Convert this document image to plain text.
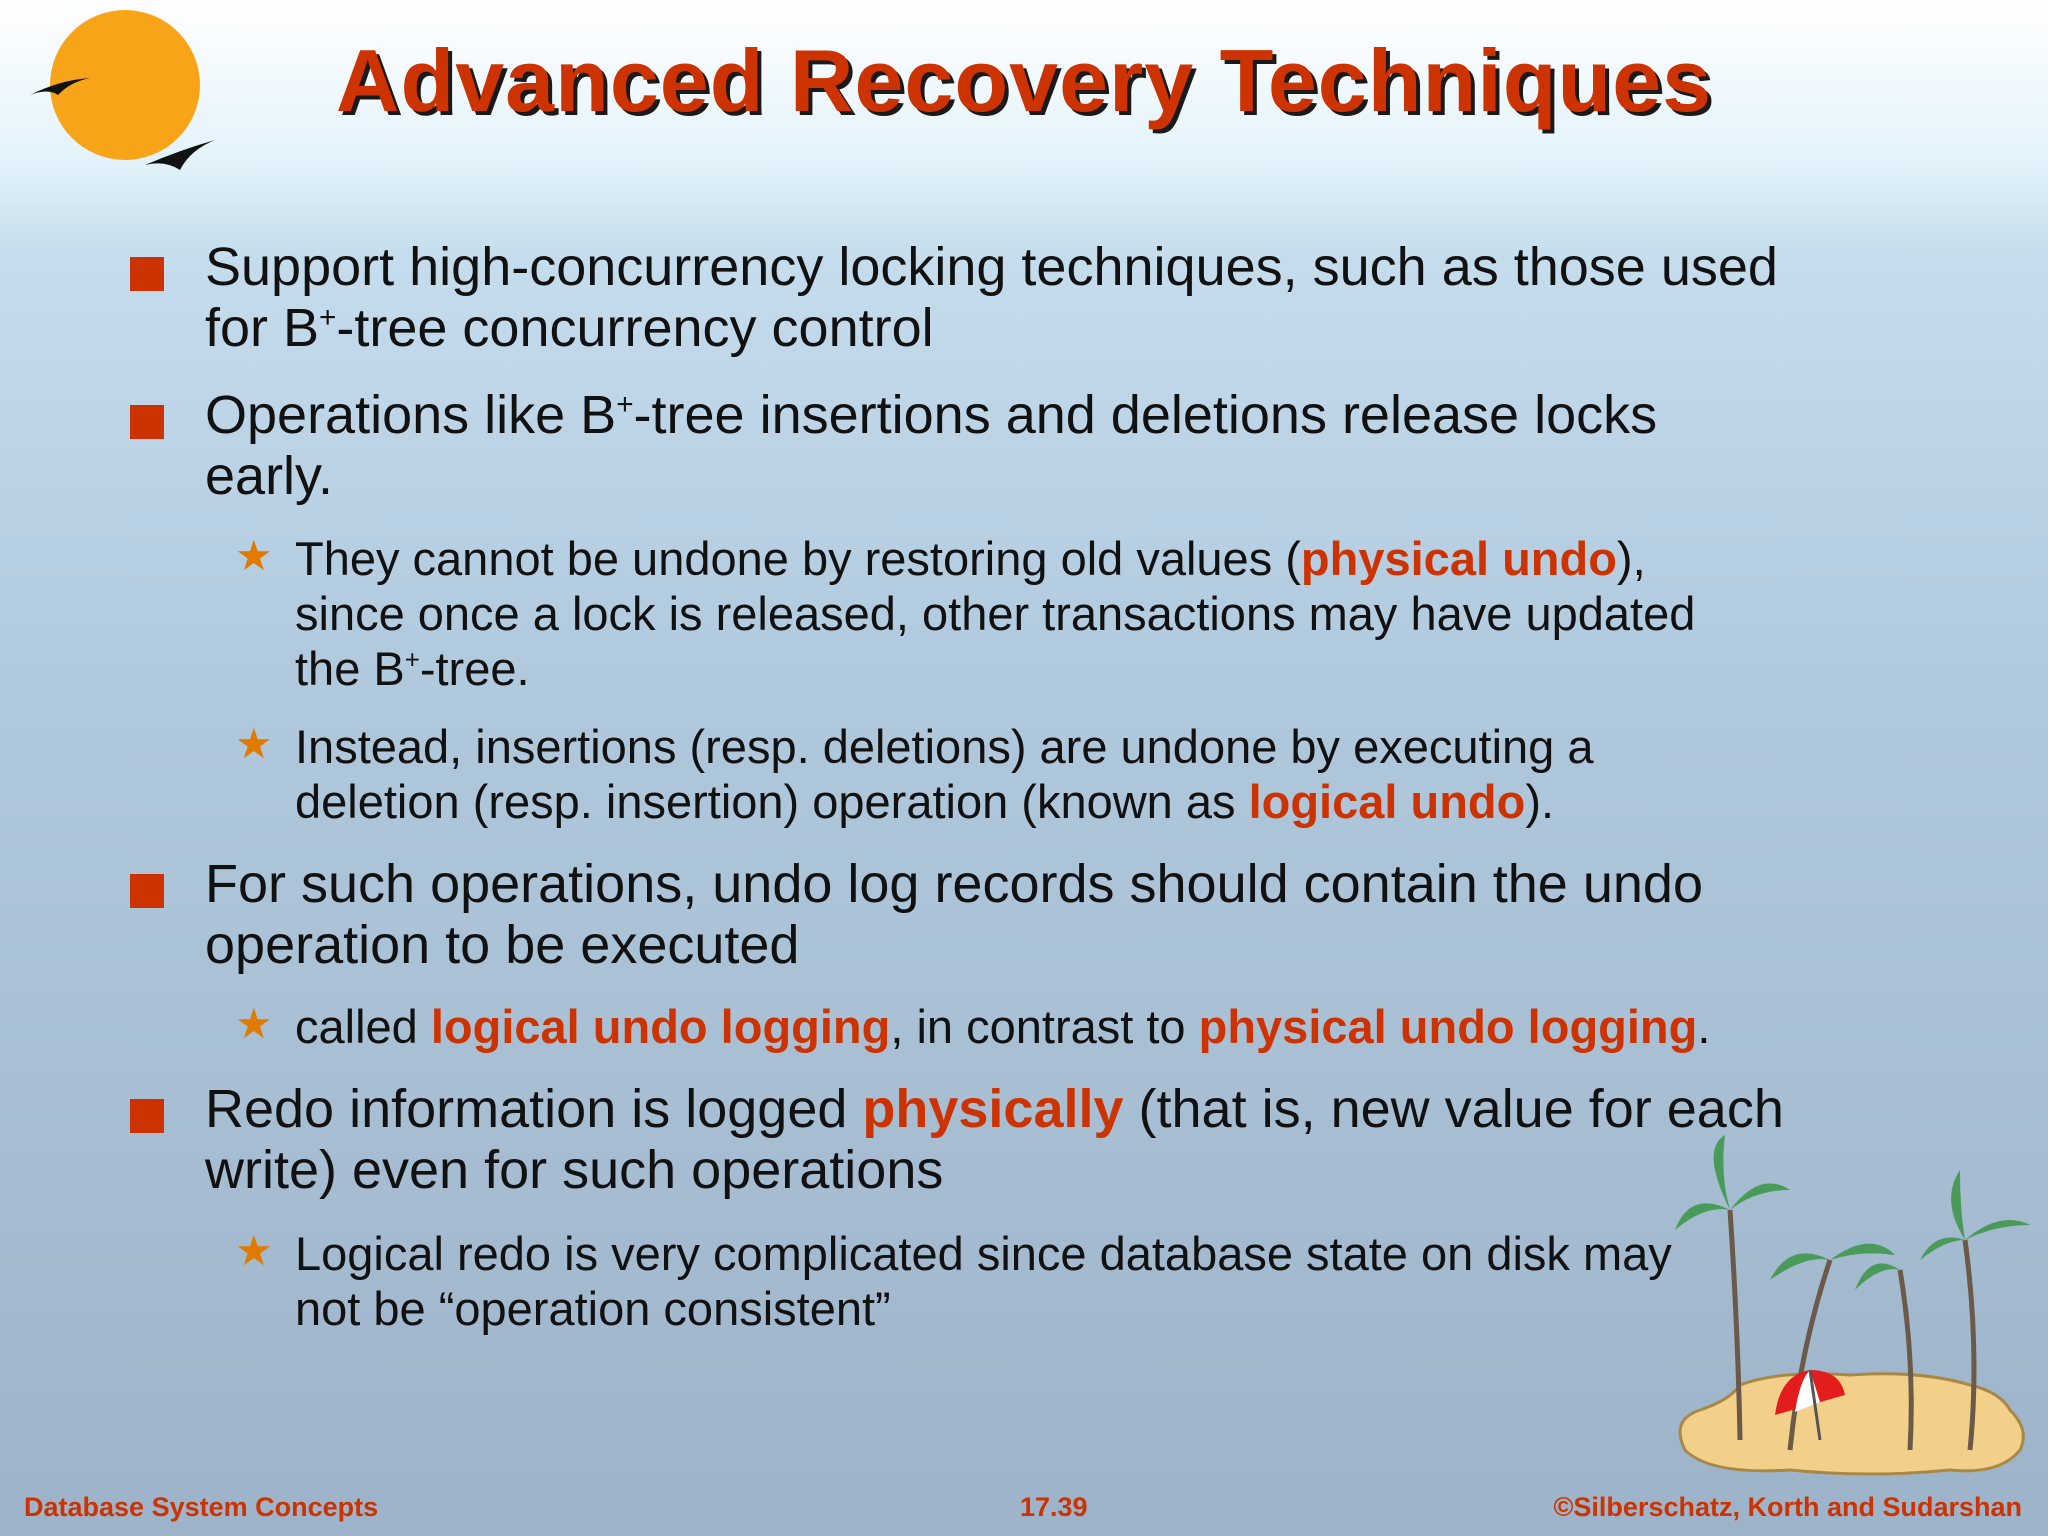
Advanced Recovery Techniques
Support high-concurrency locking techniques, such as those used
for B+-tree concurrency control
Operations like B+-tree insertions and deletions release locks
early.
★ They cannot be undone by restoring old values (physical undo),
since once a lock is released, other transactions may have updated
the B+-tree.
★ Instead, insertions (resp. deletions) are undone by executing a
deletion (resp. insertion) operation (known as logical undo).
For such operations, undo log records should contain the undo
operation to be executed
★ called logical undo logging, in contrast to physical undo logging.
Redo information is logged physically (that is, new value for each
write) even for such operations
★ Logical redo is very complicated since database state on disk may
not be “operation consistent”
Database System Concepts	17.39	©Silberschatz, Korth and Sudarshan
